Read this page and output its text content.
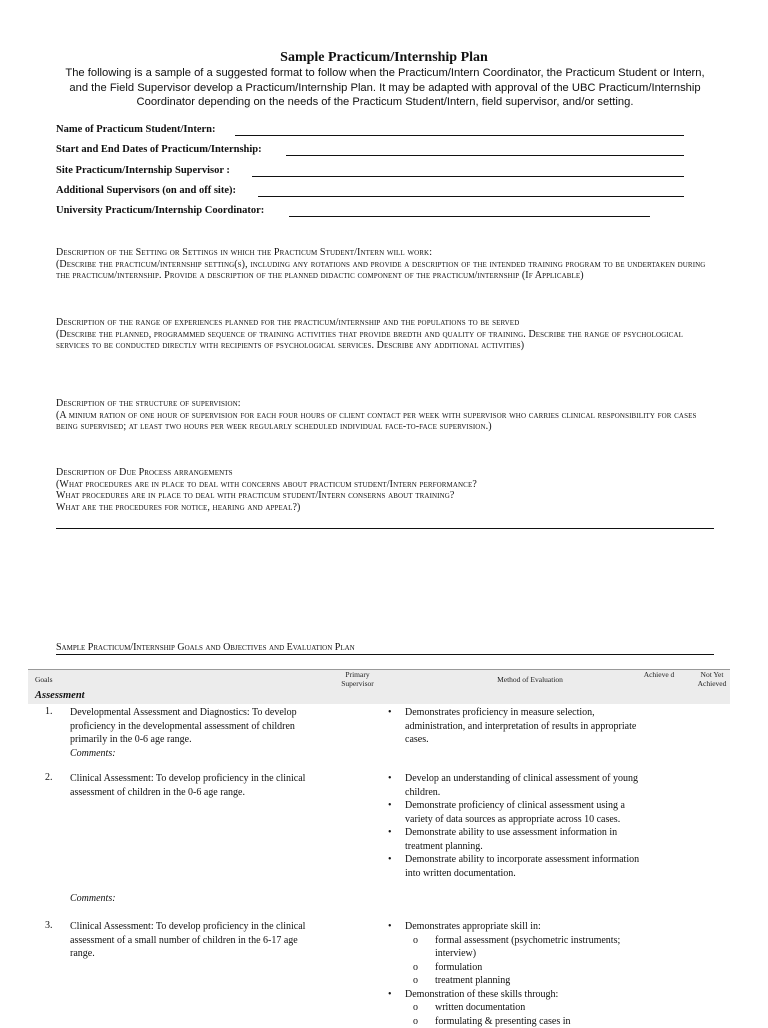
Sample Practicum/Internship Plan
The following is a sample of a suggested format to follow when the Practicum/Intern Coordinator, the Practicum Student or Intern, and the Field Supervisor develop a Practicum/Internship Plan. It may be adapted with approval of the UBC Practicum/Internship Coordinator depending on the needs of the Practicum Student/Intern, field supervisor, and/or setting.
Name of Practicum Student/Intern:
Start and End Dates of Practicum/Internship:
Site Practicum/Internship Supervisor :
Additional Supervisors (on and off site):
University Practicum/Internship Coordinator:
Description of the Setting or Settings in which the Practicum Student/Intern will work:
(Describe the practicum/internship setting(s), including any rotations and provide a description of the intended training program to be undertaken during the practicum/internship. Provide a description of the planned didactic component of the practicum/internship (If Applicable)
Description of the range of experiences planned for the practicum/internship and the populations to be served
(Describe the planned, programmed sequence of training activities that provide bredth and quality of training. Describe the range of psychological services to be conducted directly with recipients of psychological services. Describe any additional activities)
Description of the structure of supervision:
(A minium ration of one hour of supervision for each four hours of client contact per week with supervisor who carries clinical responsibility for cases being supervised; at least two hours per week regularly scheduled individual face-to-face supervision.)
Description of Due Process arrangements
(What procedures are in place to deal with concerns about practicum student/Intern performance?
What procedures are in place to deal with practicum student/Intern conserns about training?
What are the procedures for notice, hearing and appeal?)
Sample Practicum/Internship Goals and Objectives and Evaluation Plan
Goals
Primary Supervisor	Method of Evaluation
Achieve d	Not Yet Achieved
Assessment
1. Developmental Assessment and Diagnostics: To develop proficiency in the developmental assessment of children primarily in the 0-6 age range.
Comments:
• Demonstrates proficiency in measure selection, administration, and interpretation of results in appropriate cases.
2. Clinical Assessment: To develop proficiency in the clinical assessment of children in the 0-6 age range.
Comments:
• Develop an understanding of clinical assessment of young children.
• Demonstrate proficiency of clinical assessment using a variety of data sources as appropriate across 10 cases.
• Demonstrate ability to use assessment information in treatment planning.
• Demonstrate ability to incorporate assessment information into written documentation.
3. Clinical Assessment: To develop proficiency in the clinical assessment of a small number of children in the 6-17 age range.
• Demonstrates appropriate skill in:
o formal assessment (psychometric instruments; interview)
o formulation
o treatment planning
• Demonstration of these skills through:
o written documentation
o formulating & presenting cases in
